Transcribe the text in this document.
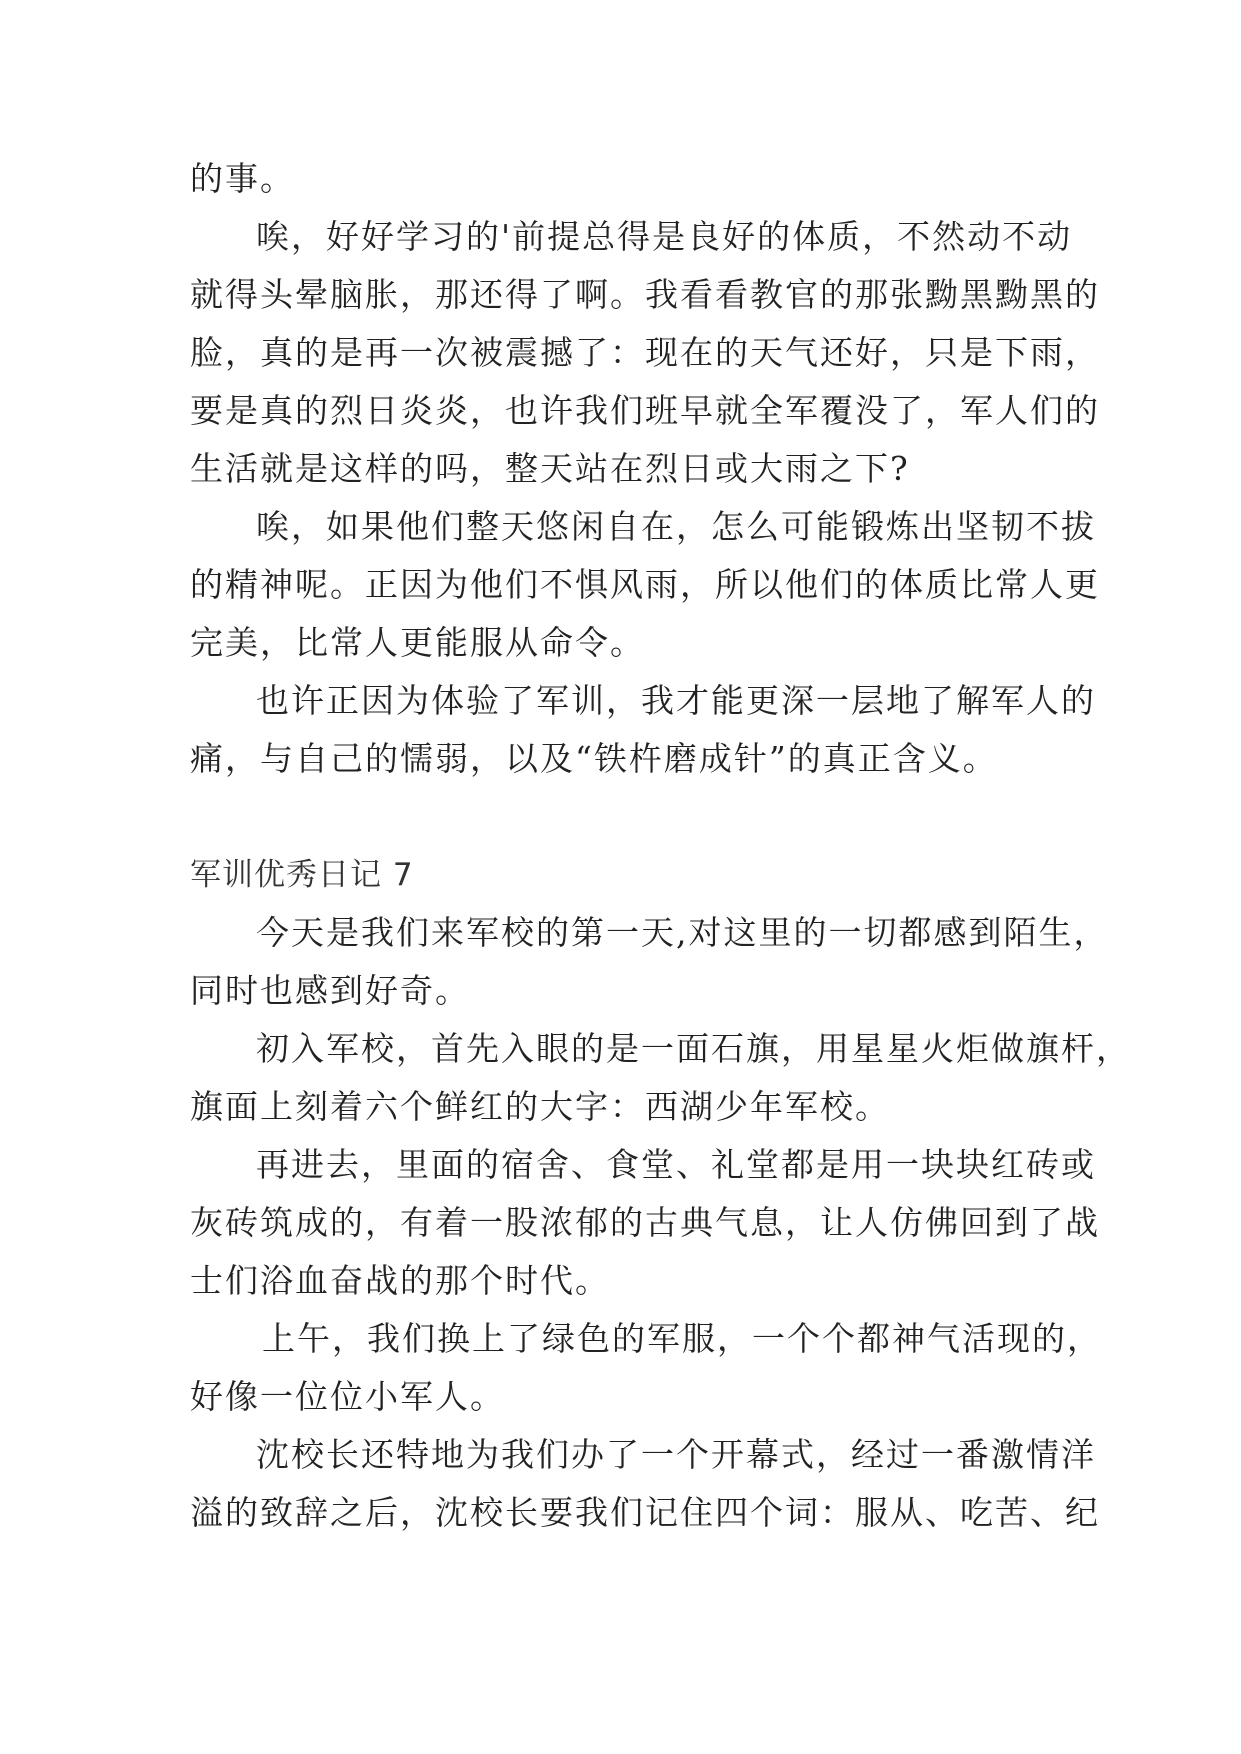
的事。
唉，好好学习的'前提总得是良好的体质，不然动不动
就得头晕脑胀，那还得了啊。我看看教官的那张黝黑黝黑的
脸，真的是再一次被震撼了：现在的天气还好，只是下雨，
要是真的烈日炎炎，也许我们班早就全军覆没了，军人们的
生活就是这样的吗，整天站在烈日或大雨之下?
唉，如果他们整天悠闲自在，怎么可能锻炼出坚韧不拔
的精神呢。正因为他们不惧风雨，所以他们的体质比常人更
完美，比常人更能服从命令。
也许正因为体验了军训，我才能更深一层地了解军人的
痛，与自己的懦弱，以及“铁杵磨成针”的真正含义。
军训优秀日记 7
今天是我们来军校的第一天,对这里的一切都感到陌生，
同时也感到好奇。
初入军校，首先入眼的是一面石旗，用星星火炬做旗杆，
旗面上刻着六个鲜红的大字：西湖少年军校。
再进去，里面的宿舍、食堂、礼堂都是用一块块红砖或
灰砖筑成的，有着一股浓郁的古典气息，让人仿佛回到了战
士们浴血奋战的那个时代。
上午，我们换上了绿色的军服，一个个都神气活现的，
好像一位位小军人。
沈校长还特地为我们办了一个开幕式，经过一番激情洋
溢的致辞之后，沈校长要我们记住四个词：服从、吃苦、纪
